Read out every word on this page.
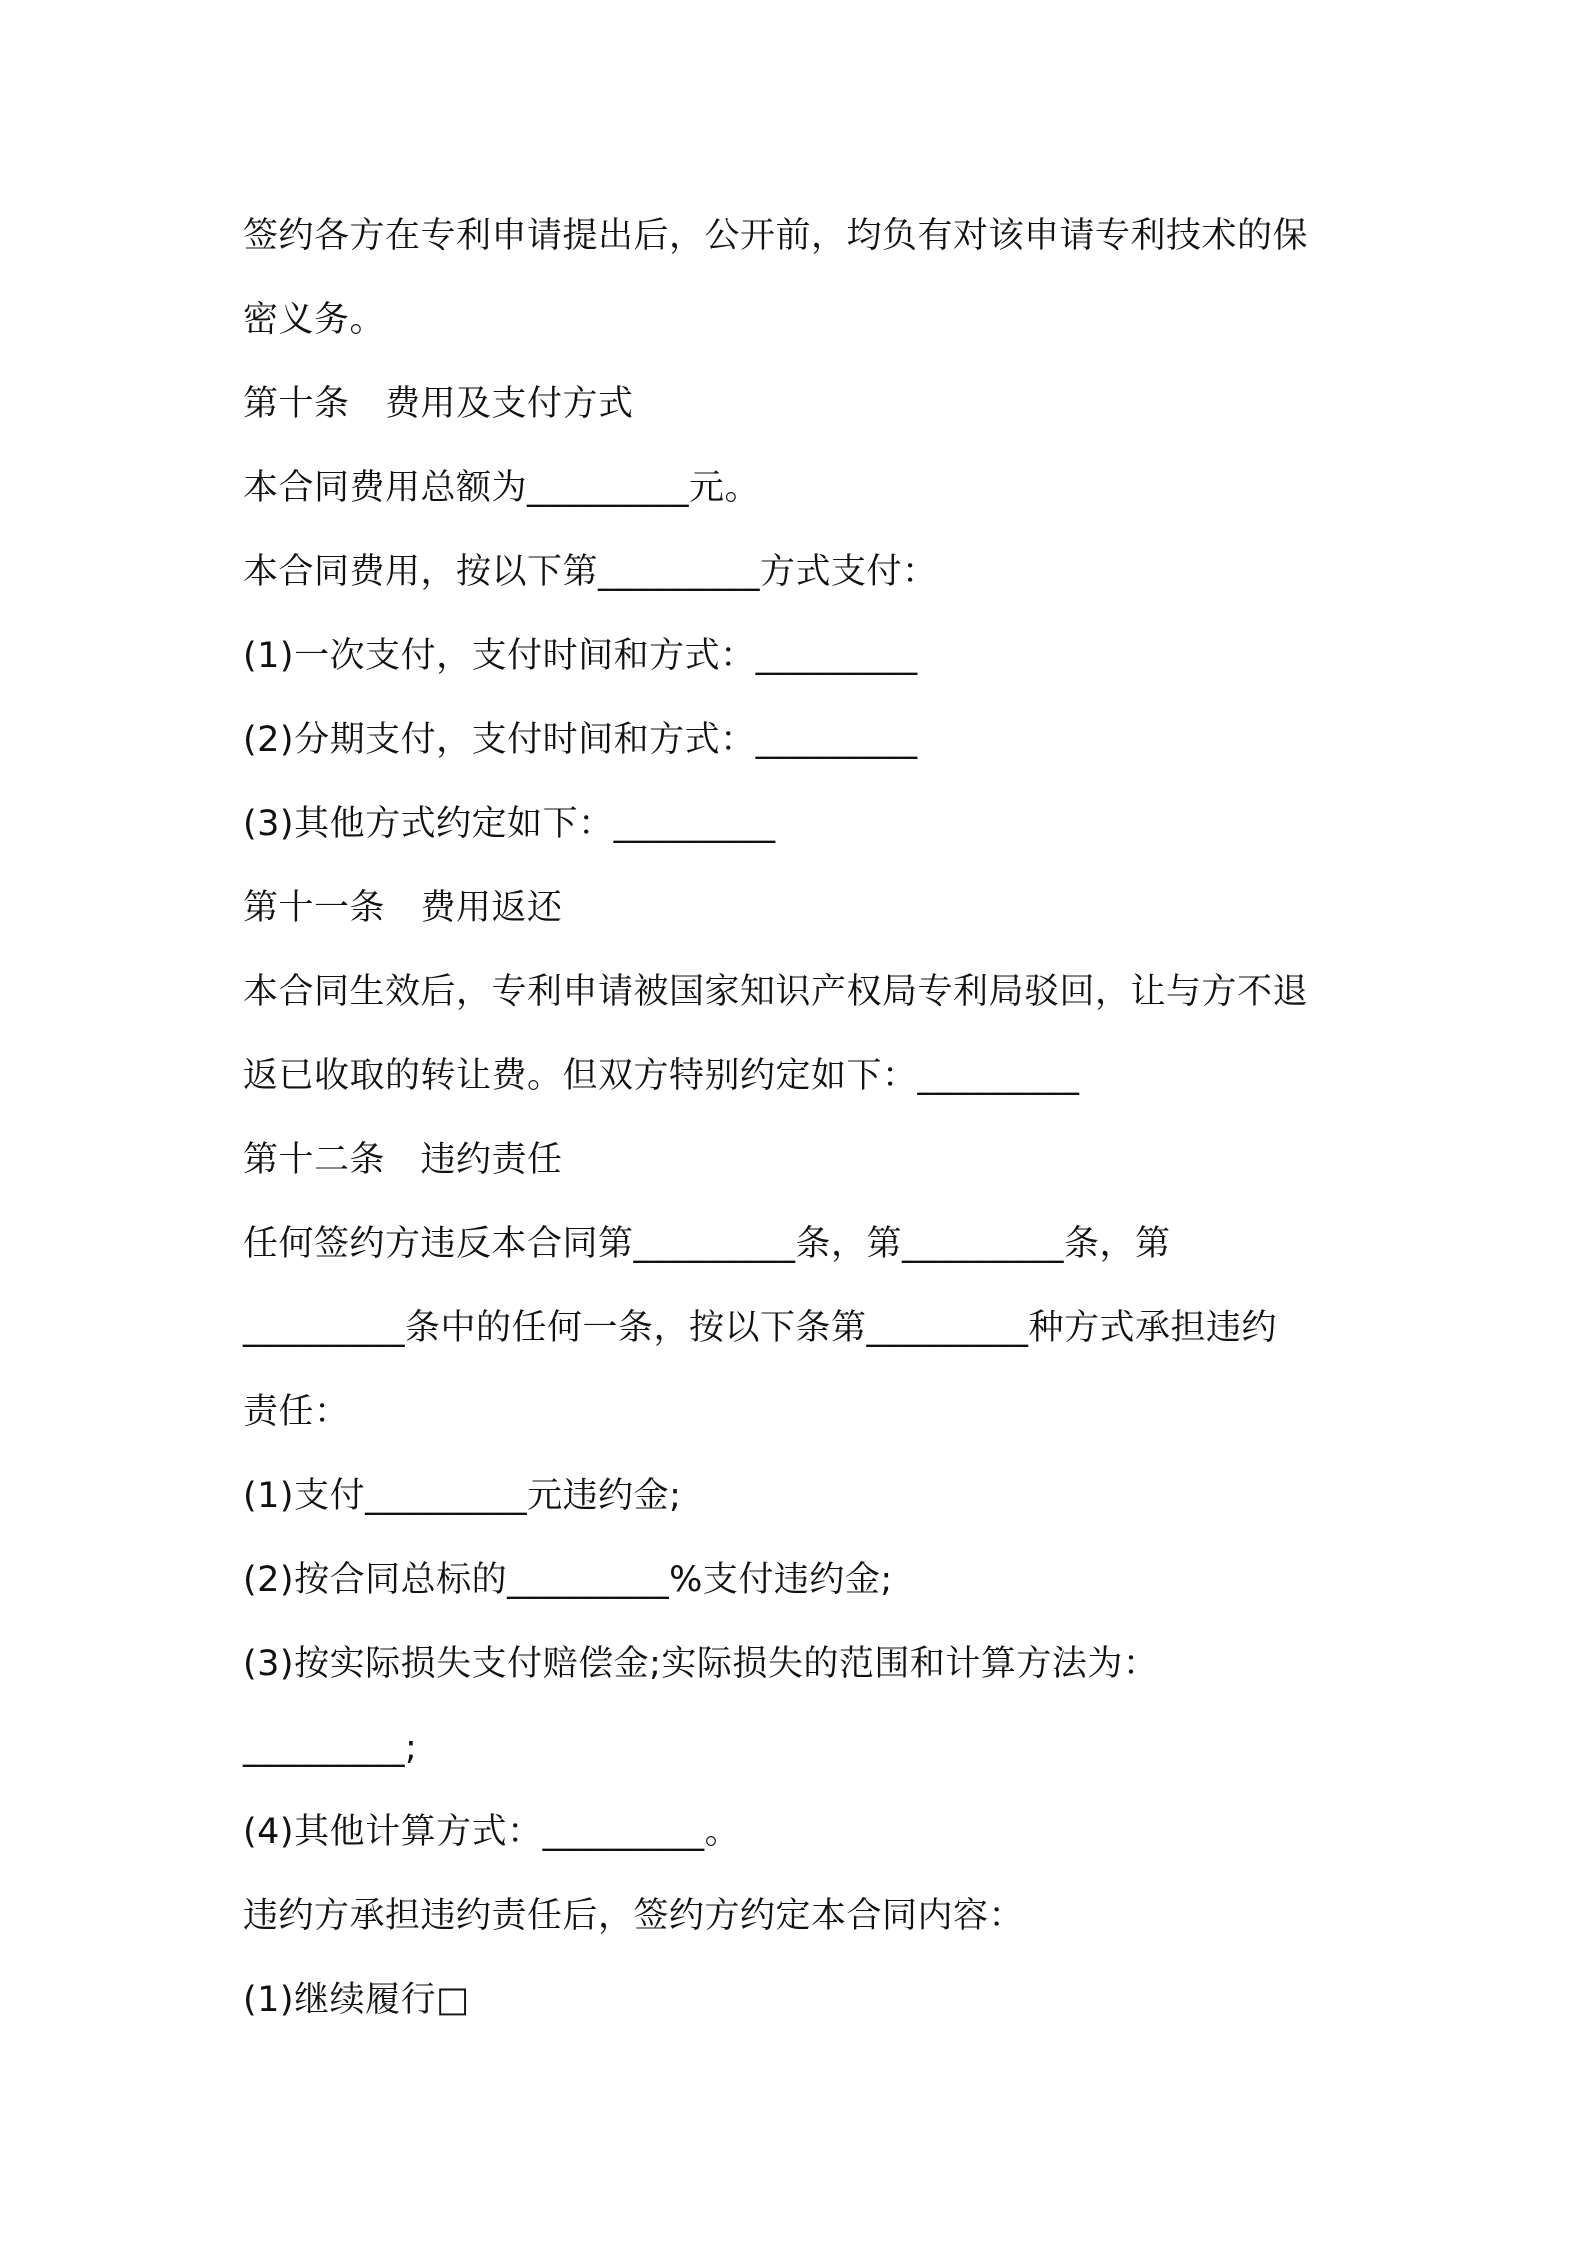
签约各方在专利申请提出后，公开前，均负有对该申请专利技术的保
密义务。
第十条　费用及支付方式
本合同费用总额为_________元。
本合同费用，按以下第_________方式支付：
(1)一次支付，支付时间和方式：_________
(2)分期支付，支付时间和方式：_________
(3)其他方式约定如下：_________
第十一条　费用返还
本合同生效后，专利申请被国家知识产权局专利局驳回，让与方不退
返已收取的转让费。但双方特别约定如下：_________
第十二条　违约责任
任何签约方违反本合同第_________条，第_________条，第
_________条中的任何一条，按以下条第_________种方式承担违约
责任：
(1)支付_________元违约金;
(2)按合同总标的_________%支付违约金;
(3)按实际损失支付赔偿金;实际损失的范围和计算方法为：
_________;
(4)其他计算方式：_________。
违约方承担违约责任后，签约方约定本合同内容：
(1)继续履行□
